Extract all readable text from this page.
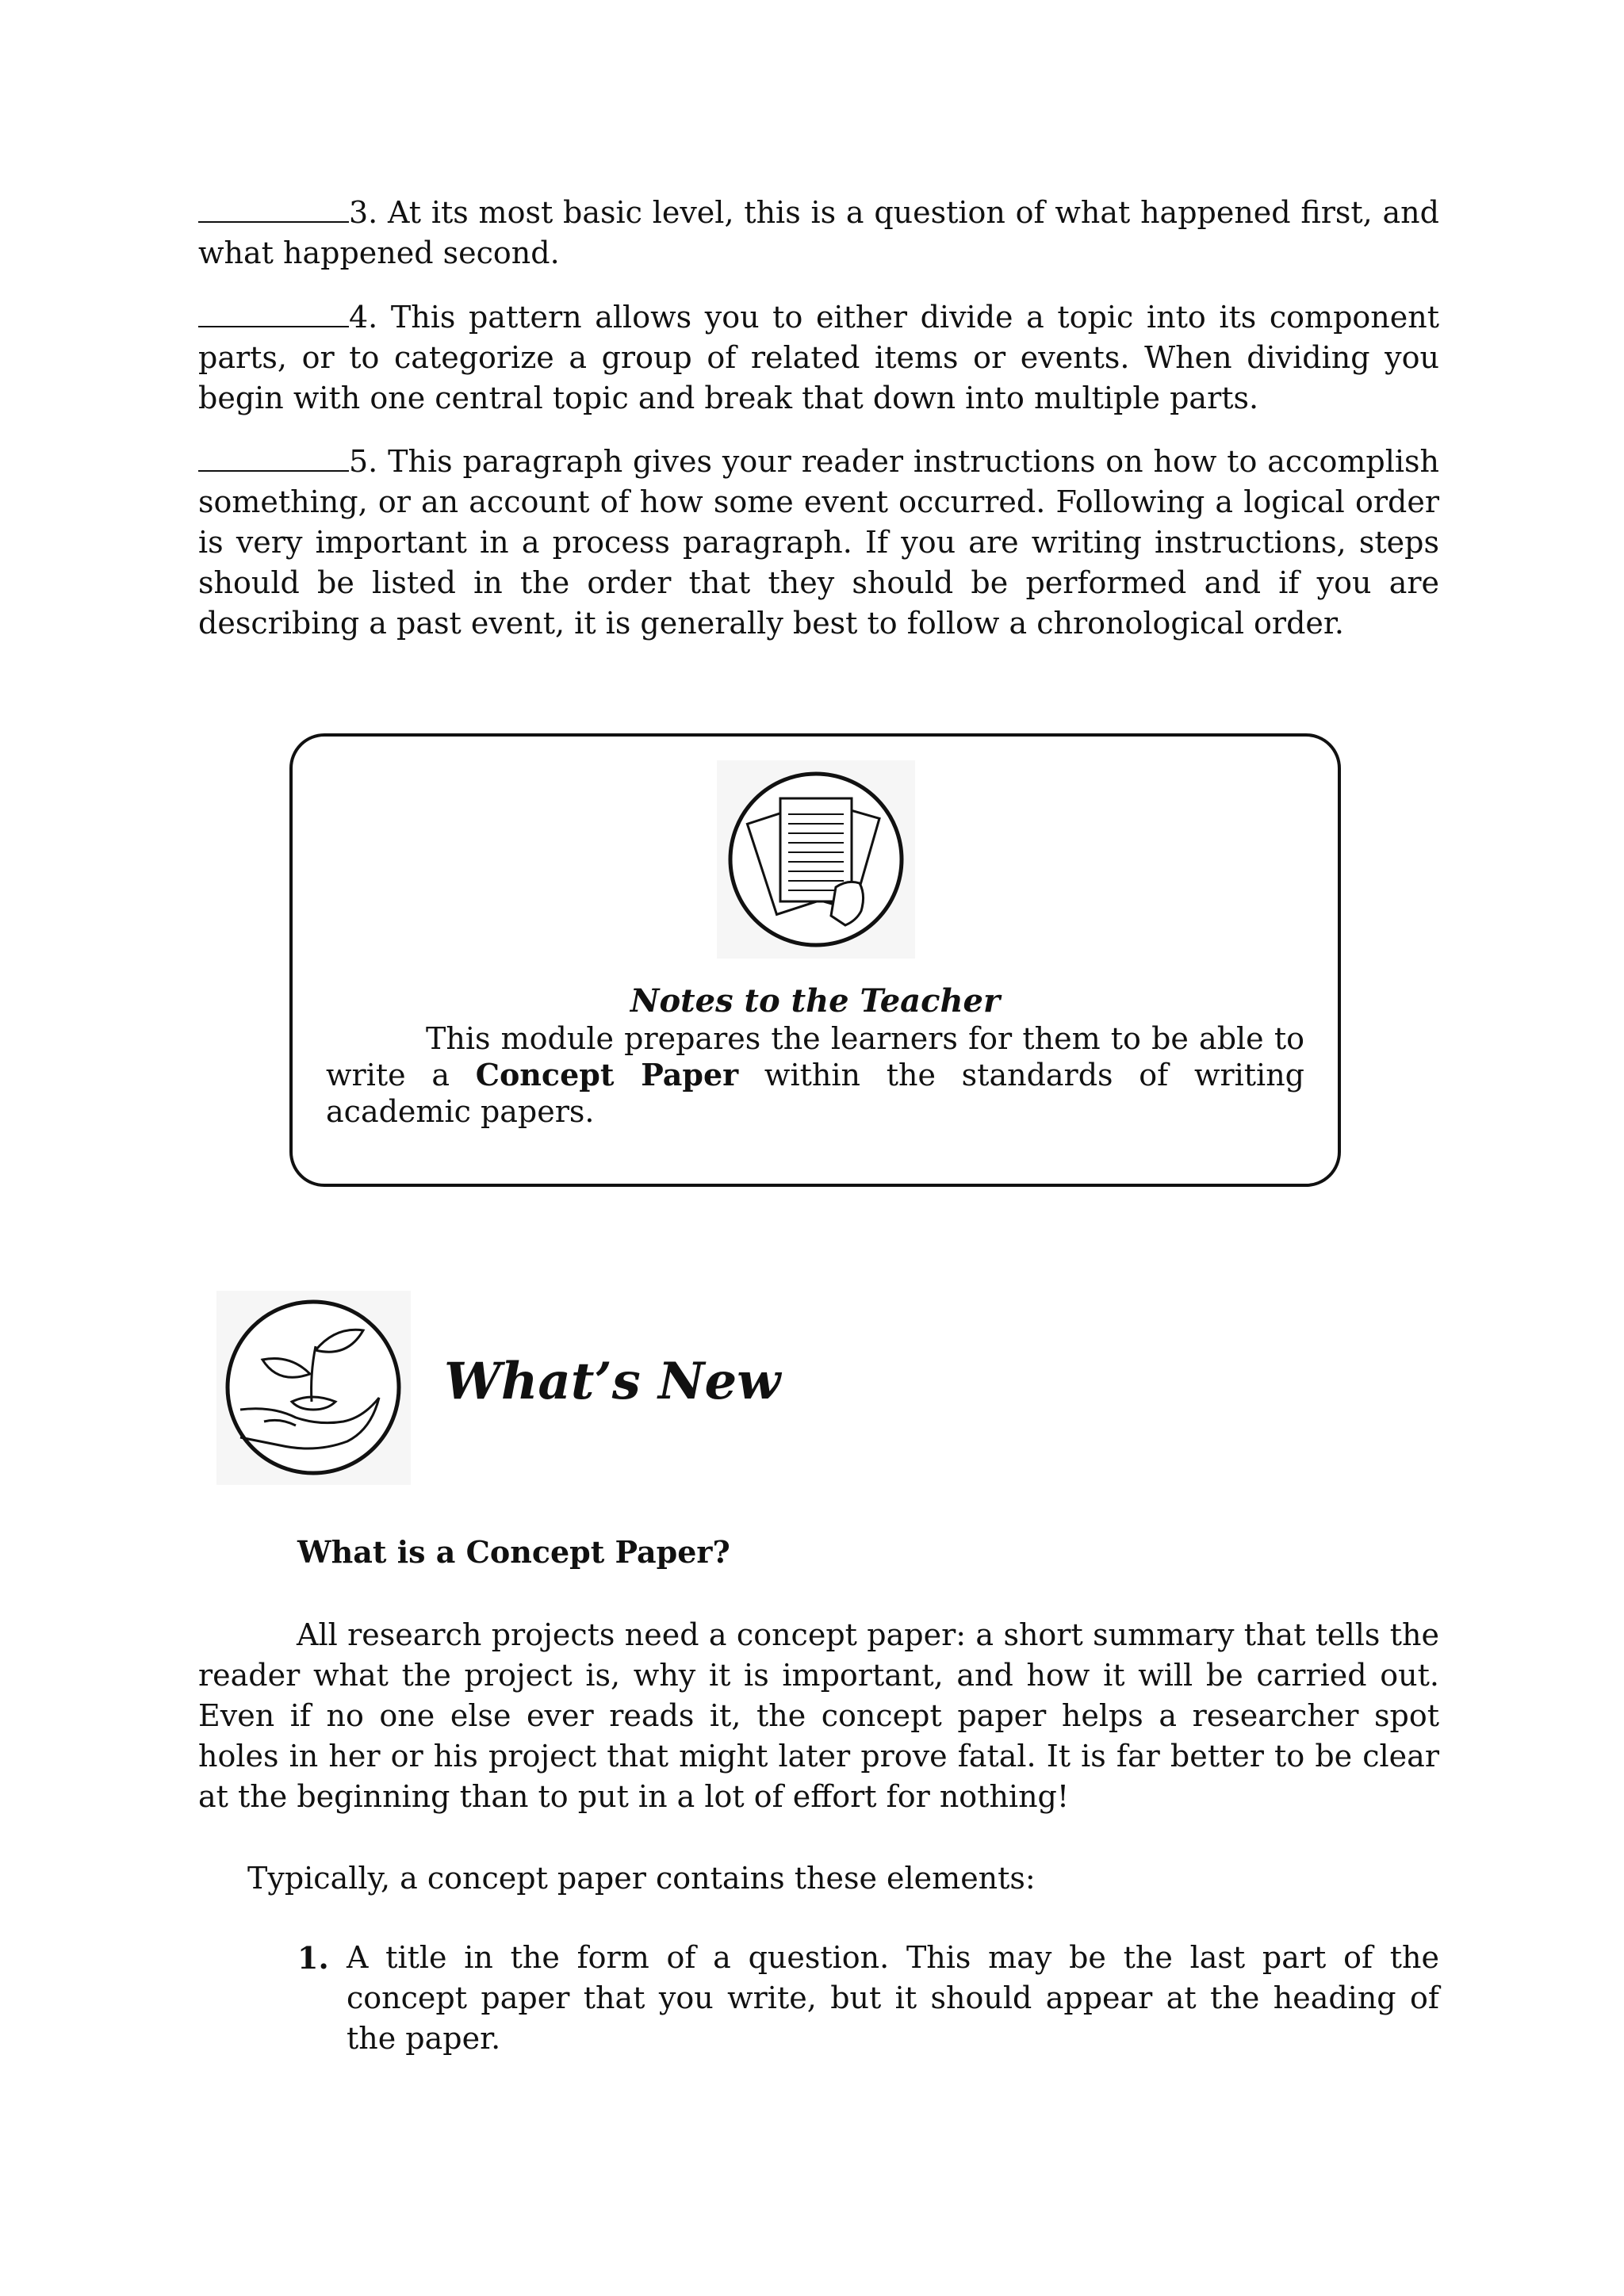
3. At its most basic level, this is a question of what happened first, and what happened second.

4. This pattern allows you to either divide a topic into its component parts, or to categorize a group of related items or events. When dividing you begin with one central topic and break that down into multiple parts.

5. This paragraph gives your reader instructions on how to accomplish something, or an account of how some event occurred. Following a logical order is very important in a process paragraph. If you are writing instructions, steps should be listed in the order that they should be performed and if you are describing a past event, it is generally best to follow a chronological order.

Notes to the Teacher

This module prepares the learners for them to be able to write a Concept Paper within the standards of writing academic papers.

What’s New
What is a Concept Paper?

All research projects need a concept paper: a short summary that tells the reader what the project is, why it is important, and how it will be carried out. Even if no one else ever reads it, the concept paper helps a researcher spot holes in her or his project that might later prove fatal. It is far better to be clear at the beginning than to put in a lot of effort for nothing!

Typically, a concept paper contains these elements:

1. A title in the form of a question. This may be the last part of the concept paper that you write, but it should appear at the heading of the paper.
